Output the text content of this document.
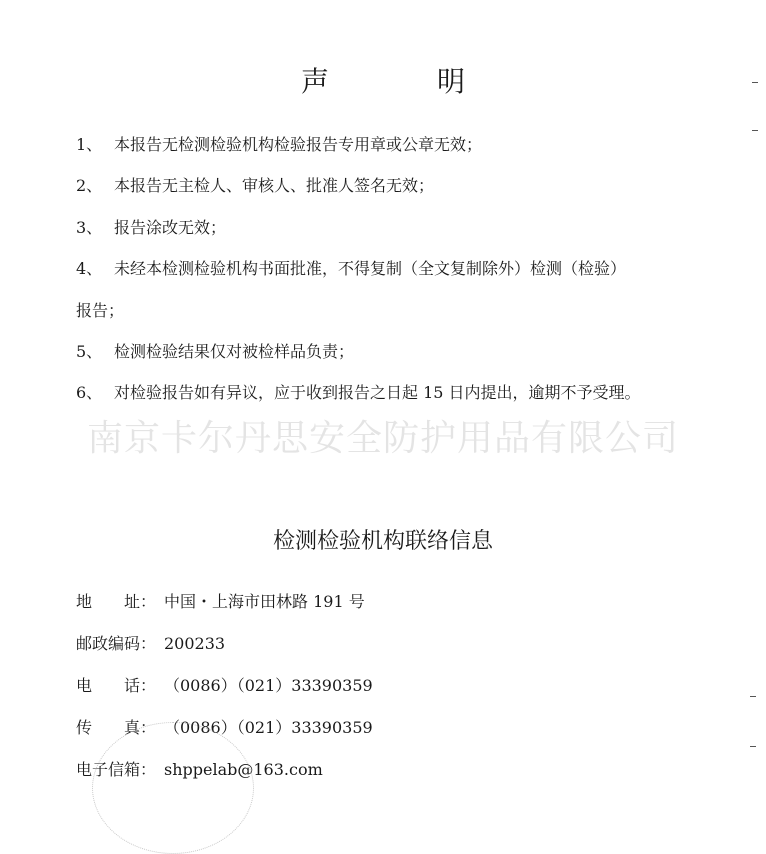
声　明
1、 本报告无检测检验机构检验报告专用章或公章无效；
2、 本报告无主检人、审核人、批准人签名无效；
3、 报告涂改无效；
4、 未经本检测检验机构书面批准，不得复制（全文复制除外）检测（检验）
报告；
5、 检测检验结果仅对被检样品负责；
6、 对检验报告如有异议，应于收到报告之日起 15 日内提出，逾期不予受理。
南京卡尔丹思安全防护用品有限公司
检测检验机构联络信息
地　　址： 中国・上海市田林路 191 号
邮政编码： 200233
电　　话： （0086）（021）33390359
传　　真： （0086）（021）33390359
电子信箱： shppelab@163.com
